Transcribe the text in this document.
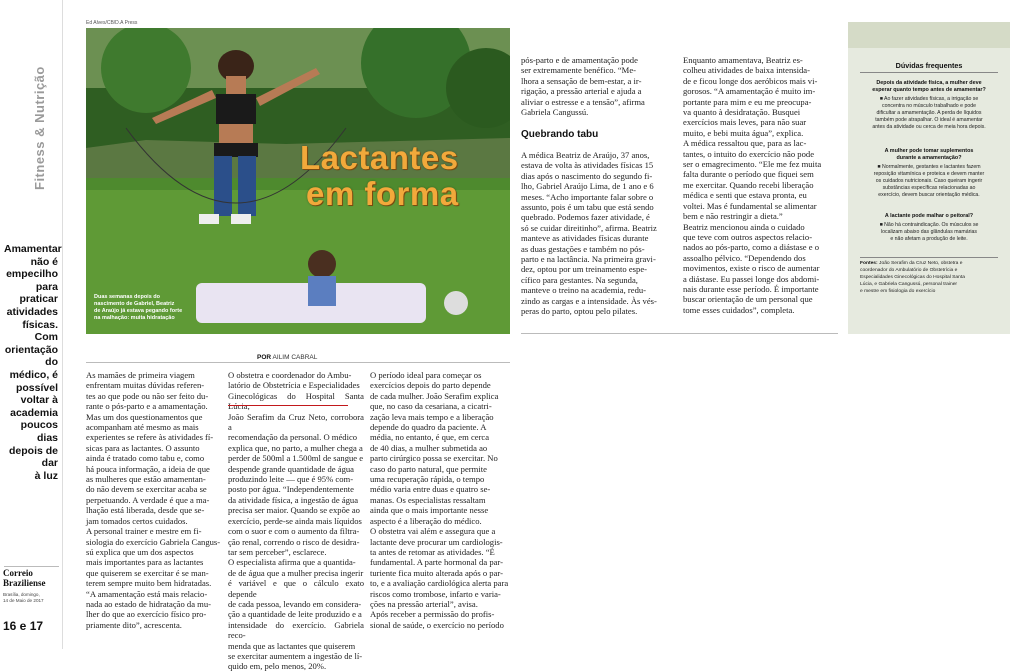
Fitness & Nutrição
Amamentar
não é
empecilho
para praticar
atividades
físicas. Com
orientação do
médico, é
possível
voltar à
academia
poucos dias
depois de dar
à luz
Correio
Braziliense
Brasília, domingo,
14 de Maio de 2017
16 e 17
Ed Alves/CB/D.A Press
Lactantes
em forma
Duas semanas depois do
nascimento de Gabriel, Beatriz
de Araújo já estava pegando forte
na malhação: muita hidratação
POR AILIM CABRAL
As mamães de primeira viagem
enfrentam muitas dúvidas referen-
tes ao que pode ou não ser feito du-
rante o pós-parto e a amamentação.
Mas um dos questionamentos que
acompanham até mesmo as mais
experientes se refere às atividades fí-
sicas para as lactantes. O assunto
ainda é tratado como tabu e, como
há pouca informação, a ideia de que
as mulheres que estão amamentan-
do não devem se exercitar acaba se
perpetuando. A verdade é que a ma-
lhação está liberada, desde que se-
jam tomados certos cuidados.
A personal trainer e mestre em fi-
siologia do exercício Gabriela Cangus-
sú explica que um dos aspectos
mais importantes para as lactantes
que quiserem se exercitar é se man-
terem sempre muito bem hidratadas.
“A amamentação está mais relacio-
nada ao estado de hidratação da mu-
lher do que ao exercício físico pro-
priamente dito”, acrescenta.
O obstetra e coordenador do Ambu-
latório de Obstetrícia e Especialidades
Ginecológicas do Hospital Santa
João Serafim da Cruz Neto, corrobora a
recomendação da personal. O médico
explica que, no parto, a mulher chega a
perder de 500ml a 1.500ml de sangue e
despende grande quantidade de água
produzindo leite — que é 95% com-
posto por água. “Independentemente
da atividade física, a ingestão de água
precisa ser maior. Quando se expõe ao
exercício, perde-se ainda mais líquidos
com o suor e com o aumento da filtra-
ção renal, correndo o risco de desidra-
tar sem perceber”, esclarece.
O especialista afirma que a quantida-
de de água que a mulher precisa ingerir
é variável e que o cálculo exato depende
de cada pessoa, levando em considera-
ção a quantidade de leite produzido e a
intensidade do exercício. Gabriela reco-
menda que as lactantes que quiserem
se exercitar aumentem a ingestão de lí-
quido em, pelo menos, 20%.
O período ideal para começar os
exercícios depois do parto depende
de cada mulher. João Serafim explica
que, no caso da cesariana, a cicatri-
zação leva mais tempo e a liberação
depende do quadro da paciente. A
média, no entanto, é que, em cerca
de 40 dias, a mulher submetida ao
parto cirúrgico possa se exercitar. No
caso do parto natural, que permite
uma recuperação rápida, o tempo
médio varia entre duas e quatro se-
manas. Os especialistas ressaltam
ainda que o mais importante nesse
aspecto é a liberação do médico.
O obstetra vai além e assegura que a
lactante deve procurar um cardiologis-
ta antes de retomar as atividades. “É
fundamental. A parte hormonal da par-
turiente fica muito alterada após o par-
to, e a avaliação cardiológica alerta para
riscos como trombose, infarto e varia-
ções na pressão arterial”, avisa.
Após receber a permissão do profis-
sional de saúde, o exercício no período
pós-parto e de amamentação pode
ser extremamente benéfico. “Me-
lhora a sensação de bem-estar, a ir-
rigação, a pressão arterial e ajuda a
aliviar o estresse e a tensão”, afirma
Gabriela Cangussú.
Quebrando tabu
A médica Beatriz de Araújo, 37 anos,
estava de volta às atividades físicas 15
dias após o nascimento do segundo fi-
lho, Gabriel Araújo Lima, de 1 ano e 6
meses. “Acho importante falar sobre o
assunto, pois é um tabu que está sendo
quebrado. Podemos fazer atividade, é
só se cuidar direitinho”, afirma. Beatriz
manteve as atividades físicas durante
as duas gestações e também no pós-
parto e na lactância. Na primeira gravi-
dez, optou por um treinamento espe-
cífico para gestantes. Na segunda,
manteve o treino na academia, redu-
zindo as cargas e a intensidade. Às vés-
peras do parto, optou pelo pilates.
Enquanto amamentava, Beatriz es-
colheu atividades de baixa intensida-
de e ficou longe dos aeróbicos mais vi-
gorosos. “A amamentação é muito im-
portante para mim e eu me preocupa-
va quanto à desidratação. Busquei
exercícios mais leves, para não suar
muito, e bebi muita água”, explica.
A médica ressaltou que, para as lac-
tantes, o intuito do exercício não pode
ser o emagrecimento. “Ele me fez muita
falta durante o período que fiquei sem
me exercitar. Quando recebi liberação
médica e senti que estava pronta, eu
voltei. Mas é fundamental se alimentar
bem e não restringir a dieta.”
Beatriz mencionou ainda o cuidado
que teve com outros aspectos relacio-
nados ao pós-parto, como a diástase e o
assoalho pélvico. “Dependendo dos
movimentos, existe o risco de aumentar
a diástase. Eu passei longe dos abdomi-
nais durante esse período. É importante
buscar orientação de um personal que
tome esses cuidados”, completa.
Dúvidas frequentes
Depois da atividade física, a mulher deve
esperar quanto tempo antes de amamentar?
■ Ao fazer atividades físicas, a irrigação se
concentra no músculo trabalhado e pode
dificultar a amamentação. A perda de líquidos
também pode atrapalhar. O ideal é amamentar
antes da atividade ou cerca de meia hora depois.
A mulher pode tomar suplementos
durante a amamentação?
■ Normalmente, gestantes e lactantes fazem
reposição vitamínica e proteica e devem manter
os cuidados nutricionais. Caso queiram ingerir
substâncias específicas relacionadas ao
exercício, devem buscar orientação médica.
A lactante pode malhar o peitoral?
■ Não há contraindicação. Os músculos se
localizam abaixo das glândulas mamárias
e não afetam a produção de leite.
Fontes: João Serafim da Cruz Neto, obstetra e
coordenador do Ambulatório de Obstetrícia e
Especialidades Ginecológicas do Hospital Santa
Lúcia, e Gabriela Cangussú, personal trainer
e mestre em fisiologia do exercício
